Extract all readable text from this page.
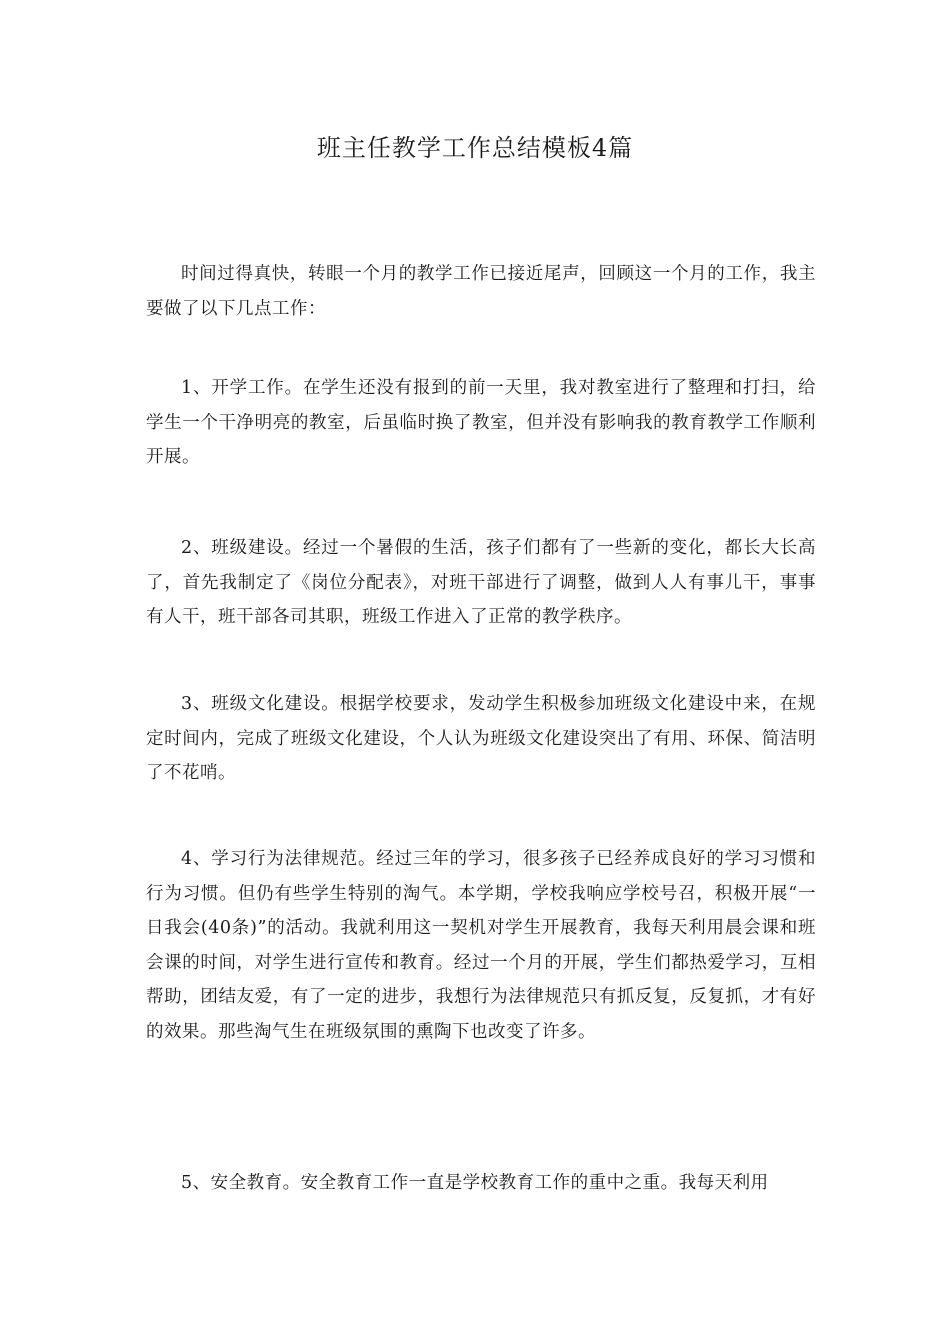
班主任教学工作总结模板4篇

时间过得真快，转眼一个月的教学工作已接近尾声，回顾这一个月的工作，我主要做了以下几点工作：

1、开学工作。在学生还没有报到的前一天里，我对教室进行了整理和打扫，给学生一个干净明亮的教室，后虽临时换了教室，但并没有影响我的教育教学工作顺利开展。

2、班级建设。经过一个暑假的生活，孩子们都有了一些新的变化，都长大长高了，首先我制定了《岗位分配表》，对班干部进行了调整，做到人人有事儿干，事事有人干，班干部各司其职，班级工作进入了正常的教学秩序。

3、班级文化建设。根据学校要求，发动学生积极参加班级文化建设中来，在规定时间内，完成了班级文化建设，个人认为班级文化建设突出了有用、环保、简洁明了不花哨。

4、学习行为法律规范。经过三年的学习，很多孩子已经养成良好的学习习惯和行为习惯。但仍有些学生特别的淘气。本学期，学校我响应学校号召，积极开展“一日我会(40条)”的活动。我就利用这一契机对学生开展教育，我每天利用晨会课和班会课的时间，对学生进行宣传和教育。经过一个月的开展，学生们都热爱学习，互相帮助，团结友爱，有了一定的进步，我想行为法律规范只有抓反复，反复抓，才有好的效果。那些淘气生在班级氛围的熏陶下也改变了许多。

5、安全教育。安全教育工作一直是学校教育工作的重中之重。我每天利用
